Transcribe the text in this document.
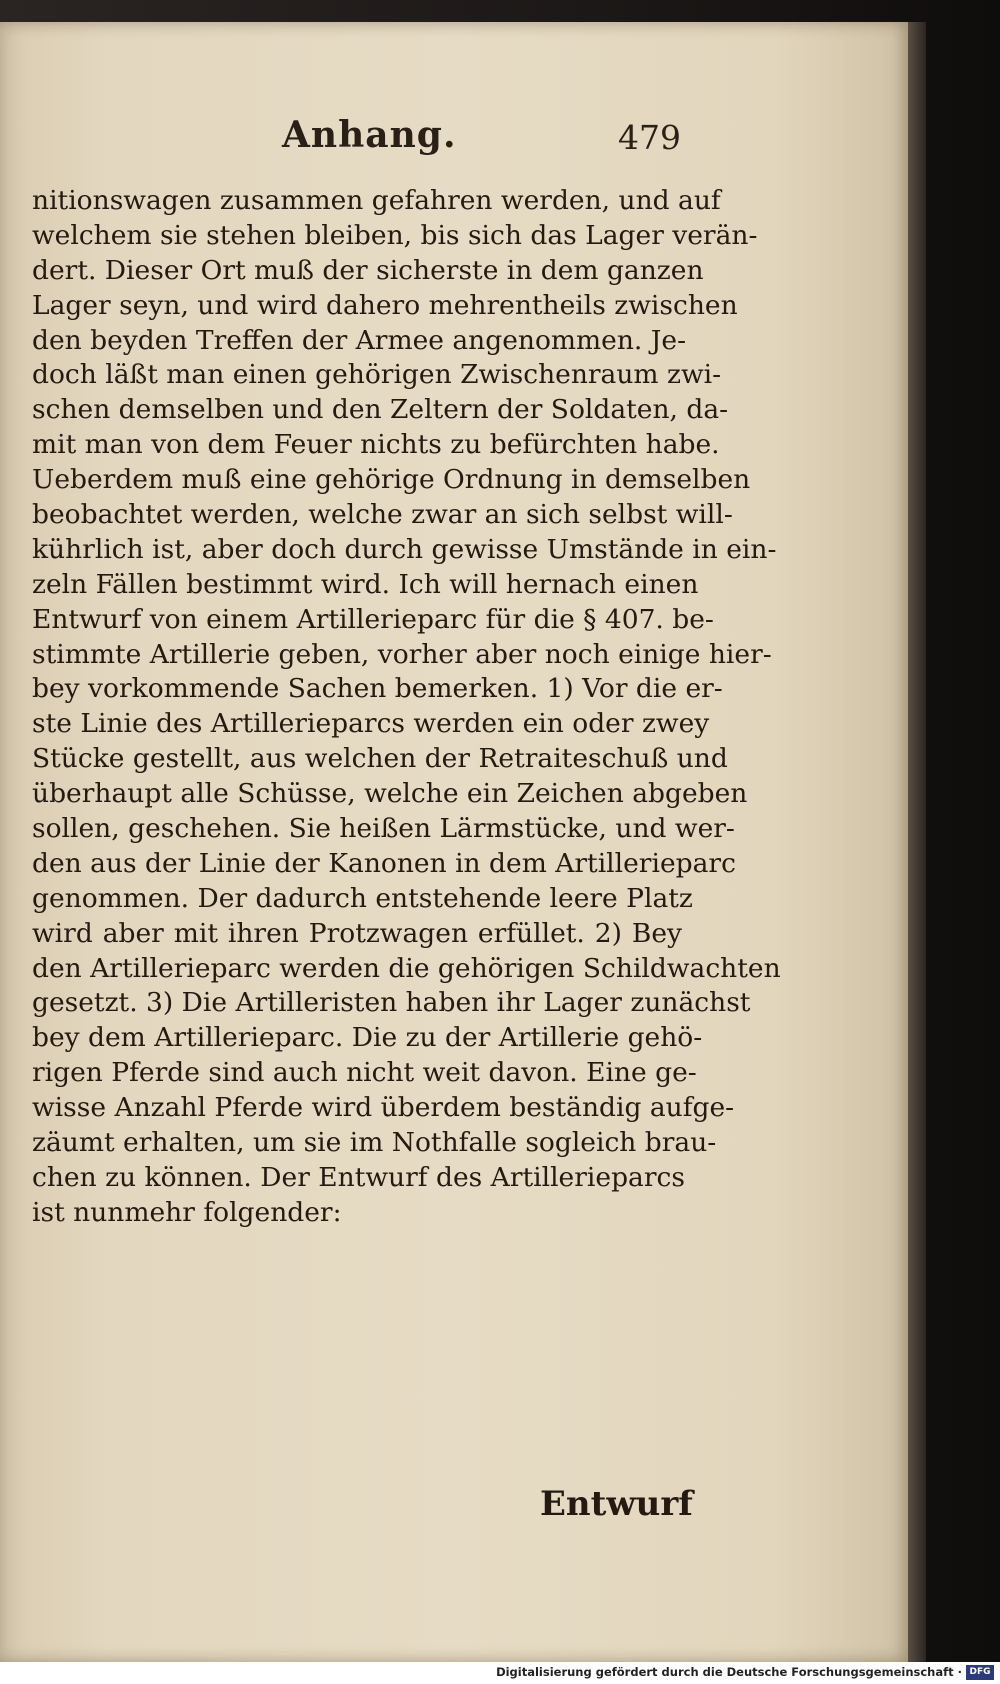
Anhang.	479
nitionswagen zusammen gefahren werden, und auf
welchem sie stehen bleiben, bis sich das Lager verän-
dert. Dieser Ort muß der sicherste in dem ganzen
Lager seyn, und wird dahero mehrentheils zwischen
den beyden Treffen der Armee angenommen. Je-
doch läßt man einen gehörigen Zwischenraum zwi-
schen demselben und den Zeltern der Soldaten, da-
mit man von dem Feuer nichts zu befürchten habe.
Ueberdem muß eine gehörige Ordnung in demselben
beobachtet werden, welche zwar an sich selbst will-
kührlich ist, aber doch durch gewisse Umstände in ein-
zeln Fällen bestimmt wird. Ich will hernach einen
Entwurf von einem Artillerieparc für die § 407. be-
stimmte Artillerie geben, vorher aber noch einige hier-
bey vorkommende Sachen bemerken. 1) Vor die er-
ste Linie des Artillerieparcs werden ein oder zwey
Stücke gestellt, aus welchen der Retraiteschuß und
überhaupt alle Schüsse, welche ein Zeichen abgeben
sollen, geschehen. Sie heißen Lärmstücke, und wer-
den aus der Linie der Kanonen in dem Artillerieparc
genommen. Der dadurch entstehende leere Platz
wird aber mit ihren Protzwagen erfüllet. 2) Bey
den Artillerieparc werden die gehörigen Schildwachten
gesetzt. 3) Die Artilleristen haben ihr Lager zunächst
bey dem Artillerieparc. Die zu der Artillerie gehö-
rigen Pferde sind auch nicht weit davon. Eine ge-
wisse Anzahl Pferde wird überdem beständig aufge-
zäumt erhalten, um sie im Nothfalle sogleich brau-
chen zu können. Der Entwurf des Artillerieparcs
ist nunmehr folgender:
Entwurf
Digitalisierung gefördert durch die Deutsche Forschungsgemeinschaft · DFG
